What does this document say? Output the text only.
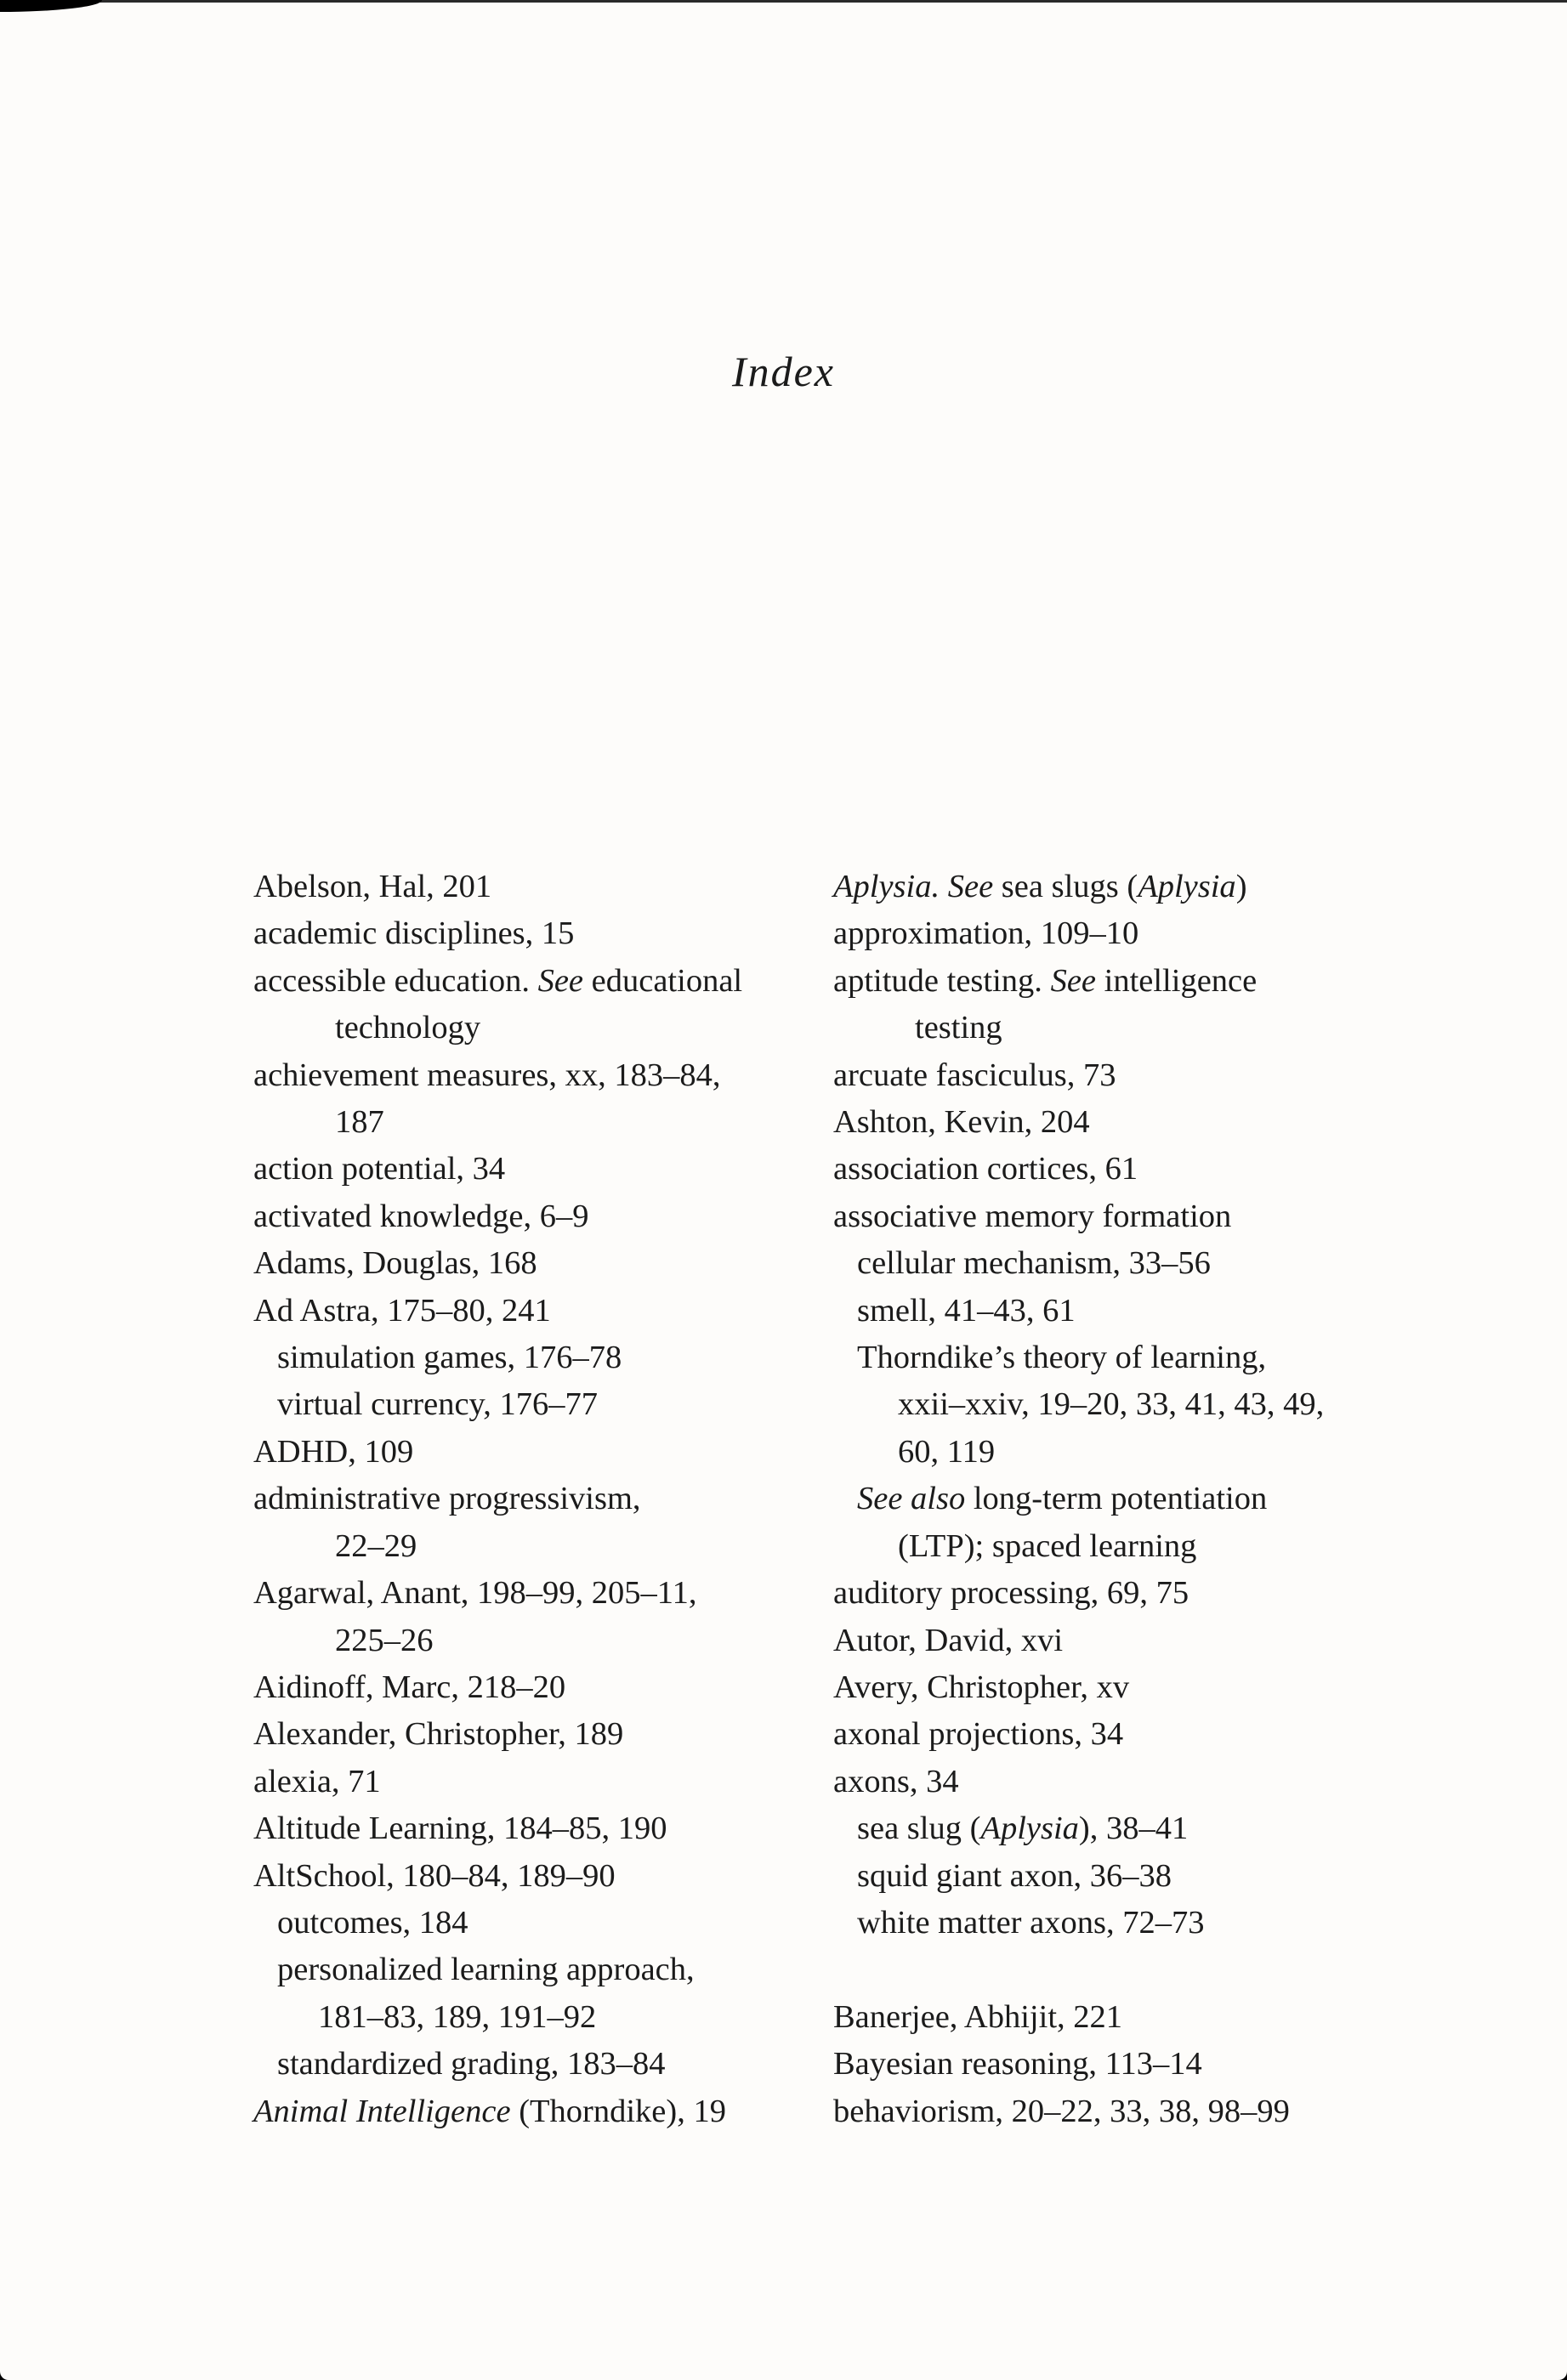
Index
Abelson, Hal, 201
academic disciplines, 15
accessible education. See educational
technology
achievement measures, xx, 183–84,
187
action potential, 34
activated knowledge, 6–9
Adams, Douglas, 168
Ad Astra, 175–80, 241
simulation games, 176–78
virtual currency, 176–77
ADHD, 109
administrative progressivism,
22–29
Agarwal, Anant, 198–99, 205–11,
225–26
Aidinoff, Marc, 218–20
Alexander, Christopher, 189
alexia, 71
Altitude Learning, 184–85, 190
AltSchool, 180–84, 189–90
outcomes, 184
personalized learning approach,
181–83, 189, 191–92
standardized grading, 183–84
Animal Intelligence (Thorndike), 19
Aplysia. See sea slugs (Aplysia)
approximation, 109–10
aptitude testing. See intelligence
testing
arcuate fasciculus, 73
Ashton, Kevin, 204
association cortices, 61
associative memory formation
cellular mechanism, 33–56
smell, 41–43, 61
Thorndike’s theory of learning,
xxii–xxiv, 19–20, 33, 41, 43, 49,
60, 119
See also long-term potentiation
(LTP); spaced learning
auditory processing, 69, 75
Autor, David, xvi
Avery, Christopher, xv
axonal projections, 34
axons, 34
sea slug (Aplysia), 38–41
squid giant axon, 36–38
white matter axons, 72–73
Banerjee, Abhijit, 221
Bayesian reasoning, 113–14
behaviorism, 20–22, 33, 38, 98–99
